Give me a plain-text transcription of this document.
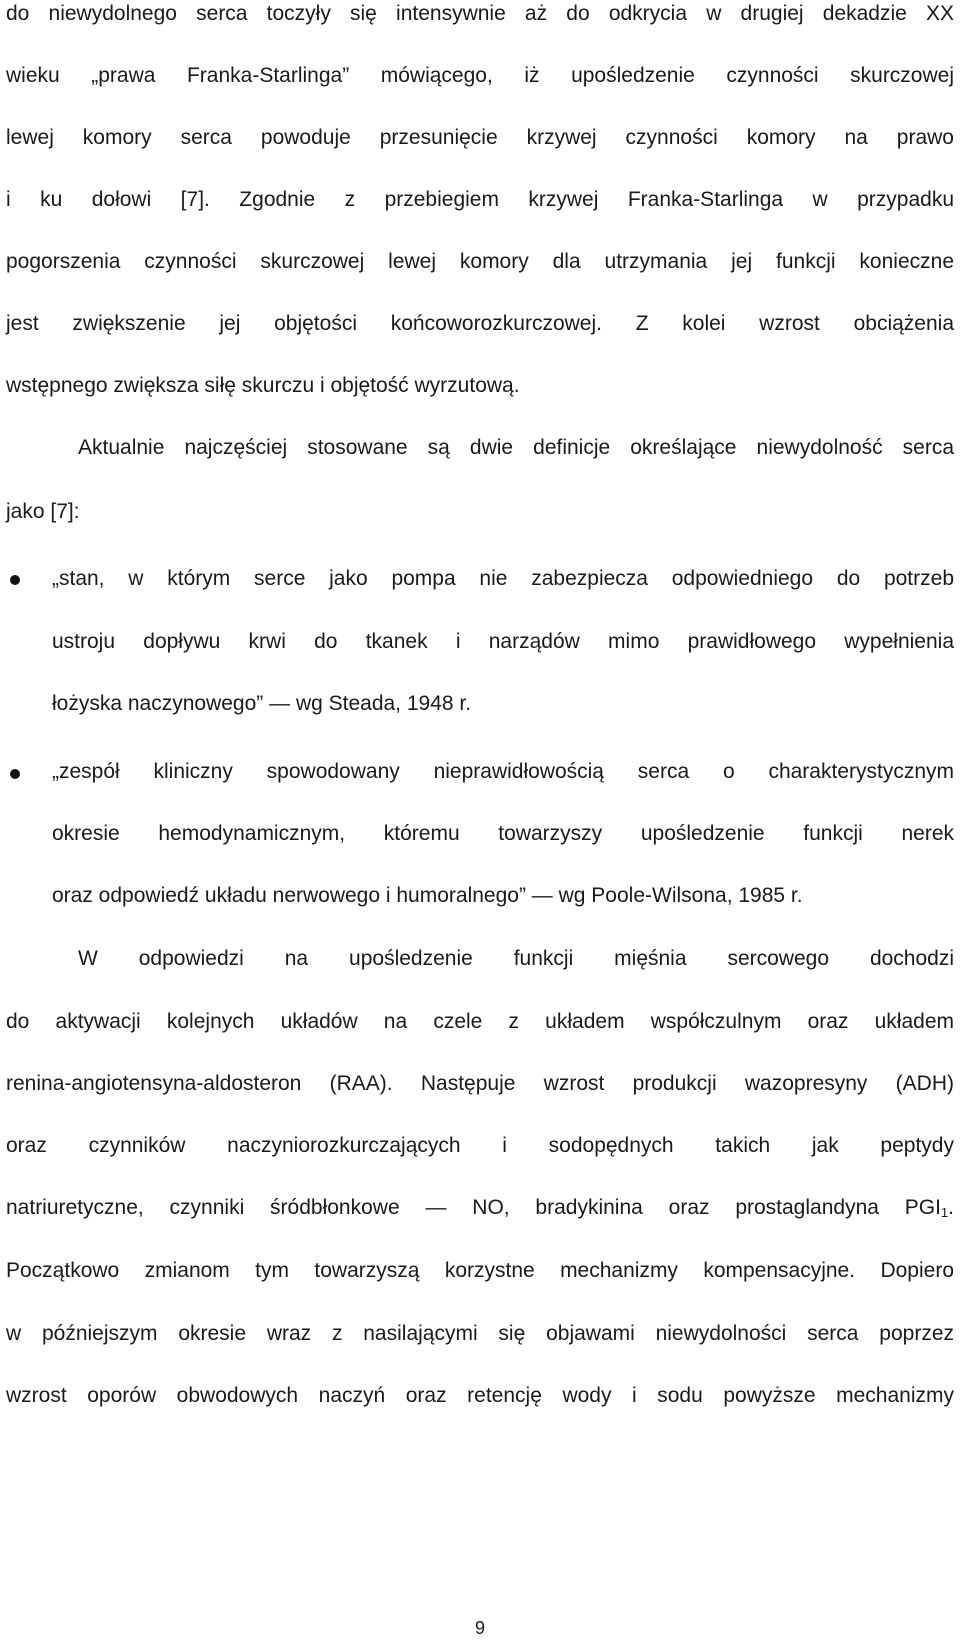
do niewydolnego serca toczyły się intensywnie aż do odkrycia w drugiej dekadzie XX
wieku „prawa Franka-Starlinga” mówiącego, iż upośledzenie czynności skurczowej
lewej komory serca powoduje przesunięcie krzywej czynności komory na prawo
i ku dołowi [7]. Zgodnie z przebiegiem krzywej Franka-Starlinga w przypadku
pogorszenia czynności skurczowej lewej komory dla utrzymania jej funkcji konieczne
jest zwiększenie jej objętości końcoworozkurczowej. Z kolei wzrost obciążenia
wstępnego zwiększa siłę skurczu i objętość wyrzutową.
Aktualnie najczęściej stosowane są dwie definicje określające niewydolność serca
jako [7]:
„stan, w którym serce jako pompa nie zabezpiecza odpowiedniego do potrzeb
ustroju dopływu krwi do tkanek i narządów mimo prawidłowego wypełnienia
łożyska naczynowego” ― wg Steada, 1948 r.
„zespół kliniczny spowodowany nieprawidłowością serca o charakterystycznym
okresie hemodynamicznym, któremu towarzyszy upośledzenie funkcji nerek
oraz odpowiedź układu nerwowego i humoralnego” ― wg Poole-Wilsona, 1985 r.
W odpowiedzi na upośledzenie funkcji mięśnia sercowego dochodzi
do aktywacji kolejnych układów na czele z układem współczulnym oraz układem
renina-angiotensyna-aldosteron (RAA). Następuje wzrost produkcji wazopresyny (ADH)
oraz czynników naczyniorozkurczających i sodopędnych takich jak peptydy
natriuretyczne, czynniki śródbłonkowe ― NO, bradykinina oraz prostaglandyna $PGI_1$.
Początkowo zmianom tym towarzyszą korzystne mechanizmy kompensacyjne. Dopiero
w późniejszym okresie wraz z nasilającymi się objawami niewydolności serca poprzez
wzrost oporów obwodowych naczyń oraz retencję wody i sodu powyższe mechanizmy
9
